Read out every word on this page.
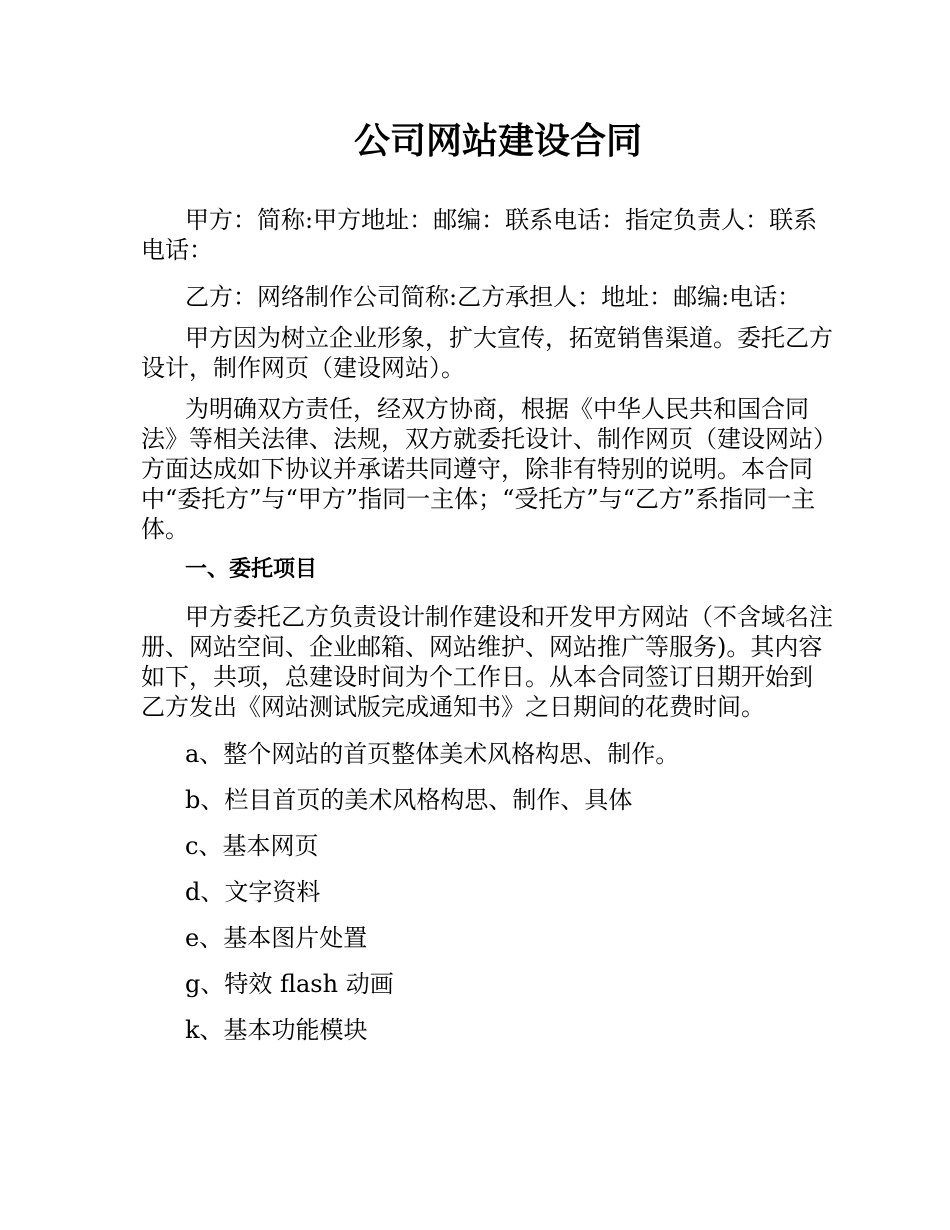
公司网站建设合同

甲方：简称:甲方地址：邮编：联系电话：指定负责人：联系电话：

乙方：网络制作公司简称:乙方承担人：地址：邮编:电话：

甲方因为树立企业形象，扩大宣传，拓宽销售渠道。委托乙方设计，制作网页（建设网站）。

为明确双方责任，经双方协商，根据《中华人民共和国合同法》等相关法律、法规，双方就委托设计、制作网页（建设网站）方面达成如下协议并承诺共同遵守，除非有特别的说明。本合同中“委托方”与“甲方”指同一主体；“受托方”与“乙方”系指同一主体。

一、委托项目

甲方委托乙方负责设计制作建设和开发甲方网站（不含域名注册、网站空间、企业邮箱、网站维护、网站推广等服务)。其内容如下，共项，总建设时间为个工作日。从本合同签订日期开始到乙方发出《网站测试版完成通知书》之日期间的花费时间。

a、整个网站的首页整体美术风格构思、制作。
b、栏目首页的美术风格构思、制作、具体
c、基本网页
d、文字资料
e、基本图片处置
g、特效 flash 动画
k、基本功能模块
